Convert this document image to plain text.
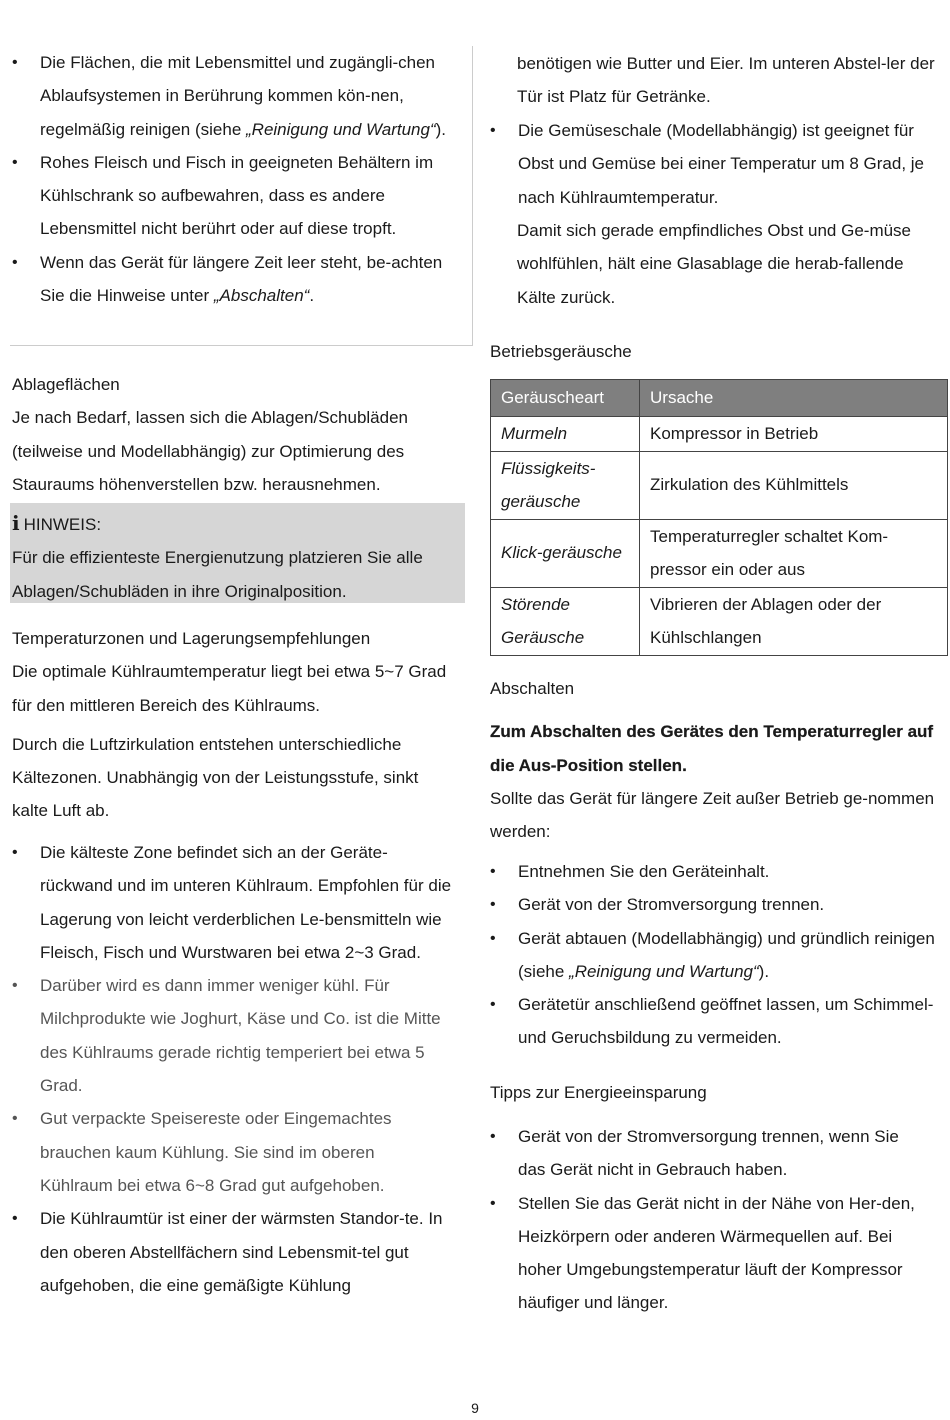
• Die Flächen, die mit Lebensmittel und zugängli-chen Ablaufsystemen in Berührung kommen kön-nen, regelmäßig reinigen (siehe „Reinigung und Wartung“).
• Rohes Fleisch und Fisch in geeigneten Behältern im Kühlschrank so aufbewahren, dass es andere Lebensmittel nicht berührt oder auf diese tropft.
• Wenn das Gerät für längere Zeit leer steht, be-achten Sie die Hinweise unter „Abschalten“.

Ablageflächen

Je nach Bedarf, lassen sich die Ablagen/Schubläden (teilweise und Modellabhängig) zur Optimierung des Stauraums höhenverstellen bzw. herausnehmen.

i HINWEIS:

Für die effizienteste Energienutzung platzieren Sie alle Ablagen/Schubläden in ihre Originalposition.

Temperaturzonen und Lagerungsempfehlungen

Die optimale Kühlraumtemperatur liegt bei etwa 5~7 Grad für den mittleren Bereich des Kühlraums.

Durch die Luftzirkulation entstehen unterschiedliche Kältezonen. Unabhängig von der Leistungsstufe, sinkt kalte Luft ab.

• Die kälteste Zone befindet sich an der Geräte-rückwand und im unteren Kühlraum. Empfohlen für die Lagerung von leicht verderblichen Le-bensmitteln wie Fleisch, Fisch und Wurstwaren bei etwa 2~3 Grad.
• Darüber wird es dann immer weniger kühl. Für Milchprodukte wie Joghurt, Käse und Co. ist die Mitte des Kühlraums gerade richtig temperiert bei etwa 5 Grad.
• Gut verpackte Speisereste oder Eingemachtes brauchen kaum Kühlung. Sie sind im oberen Kühlraum bei etwa 6~8 Grad gut aufgehoben.
• Die Kühlraumtür ist einer der wärmsten Standor-te. In den oberen Abstellfächern sind Lebensmit-tel gut aufgehoben, die eine gemäßigte Kühlung

benötigen wie Butter und Eier. Im unteren Abstel-ler der Tür ist Platz für Getränke.

• Die Gemüseschale (Modellabhängig) ist geeignet für Obst und Gemüse bei einer Temperatur um 8 Grad, je nach Kühlraumtemperatur.

Damit sich gerade empfindliches Obst und Ge-müse wohlfühlen, hält eine Glasablage die herab-fallende Kälte zurück.

Betriebsgeräusche

Geräuscheart	Ursache
Murmeln	Kompressor in Betrieb
Flüssigkeits-geräusche	Zirkulation des Kühlmittels
Klick-geräusche	Temperaturregler schaltet Kom-pressor ein oder aus
Störende Geräusche	Vibrieren der Ablagen oder der Kühlschlangen

Abschalten

Zum Abschalten des Gerätes den Temperaturregler auf die Aus-Position stellen.

Sollte das Gerät für längere Zeit außer Betrieb ge-nommen werden:

• Entnehmen Sie den Geräteinhalt.
• Gerät von der Stromversorgung trennen.
• Gerät abtauen (Modellabhängig) und gründlich reinigen (siehe „Reinigung und Wartung“).
• Gerätetür anschließend geöffnet lassen, um Schimmel- und Geruchsbildung zu vermeiden.

Tipps zur Energieeinsparung

• Gerät von der Stromversorgung trennen, wenn Sie das Gerät nicht in Gebrauch haben.
• Stellen Sie das Gerät nicht in der Nähe von Her-den, Heizkörpern oder anderen Wärmequellen auf. Bei hoher Umgebungstemperatur läuft der Kompressor häufiger und länger.
9
